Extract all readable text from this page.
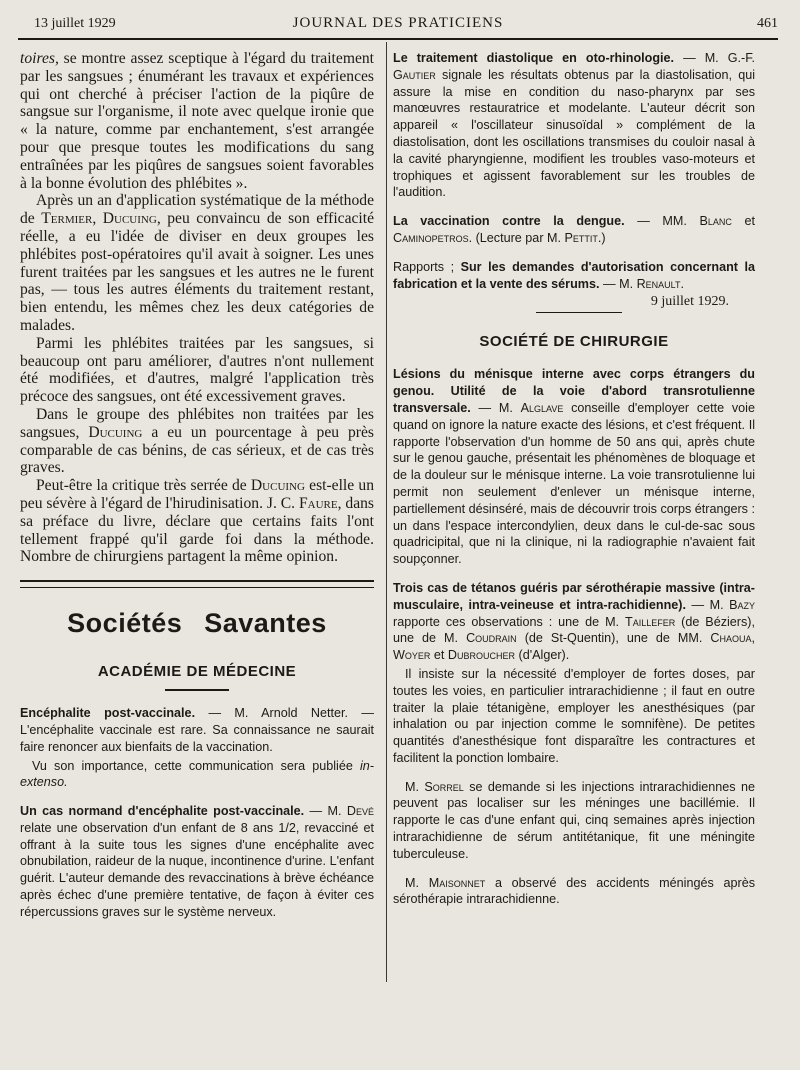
13 juillet 1929	JOURNAL DES PRATICIENS	461

toires, se montre assez sceptique à l'égard du traitement par les sangsues ; énumérant les travaux et expériences qui ont cherché à préciser l'action de la piqûre de sangsue sur l'organisme, il note avec quelque ironie que « la nature, comme par enchantement, s'est arrangée pour que presque toutes les modifications du sang entraînées par les piqûres de sangsues soient favorables à la bonne évolution des phlébites ».

Après un an d'application systématique de la méthode de Termier, Ducuing, peu convaincu de son efficacité réelle, a eu l'idée de diviser en deux groupes les phlébites post-opératoires qu'il avait à soigner. Les unes furent traitées par les sangsues et les autres ne le furent pas, — tous les autres éléments du traitement restant, bien entendu, les mêmes chez les deux catégories de malades.

Parmi les phlébites traitées par les sangsues, si beaucoup ont paru améliorer, d'autres n'ont nullement été modifiées, et d'autres, malgré l'application très précoce des sangsues, ont été excessivement graves.

Dans le groupe des phlébites non traitées par les sangsues, Ducuing a eu un pourcentage à peu près comparable de cas bénins, de cas sérieux, et de cas très graves.

Peut-être la critique très serrée de Ducuing est-elle un peu sévère à l'égard de l'hirudinisation. J. C. Faure, dans sa préface du livre, déclare que certains faits l'ont tellement frappé qu'il garde foi dans la méthode. Nombre de chirurgiens partagent la même opinion.

Sociétés Savantes
ACADÉMIE DE MÉDECINE

Encéphalite post-vaccinale. — M. Arnold Netter. — L'encéphalite vaccinale est rare. Sa connaissance ne saurait faire renoncer aux bienfaits de la vaccination.

Vu son importance, cette communication sera publiée in-extenso.

Un cas normand d'encéphalite post-vaccinale. — M. Devé relate une observation d'un enfant de 8 ans 1/2, revacciné et offrant à la suite tous les signes d'une encéphalite avec obnubilation, raideur de la nuque, incontinence d'urine. L'enfant guérit. L'auteur demande des revaccinations à brève échéance après échec d'une première tentative, de façon à éviter ces répercussions graves sur le système nerveux.

Le traitement diastolique en oto-rhinologie. — M. G.-F. Gautier signale les résultats obtenus par la diastolisation, qui assure la mise en condition du naso-pharynx par ses manœuvres restauratrice et modelante. L'auteur décrit son appareil « l'oscillateur sinusoïdal » complément de la diastolisation, dont les oscillations transmises du couloir nasal à la cavité pharyngienne, modifient les troubles vaso-moteurs et trophiques et agissent favorablement sur les troubles de l'audition.

La vaccination contre la dengue. — MM. Blanc et Caminopetros. (Lecture par M. Pettit.)

Rapports ; Sur les demandes d'autorisation concernant la fabrication et la vente des sérums. — M. Renault.

9 juillet 1929.
SOCIÉTÉ DE CHIRURGIE

Lésions du ménisque interne avec corps étrangers du genou. Utilité de la voie d'abord transrotulienne transversale. — M. Alglave conseille d'employer cette voie quand on ignore la nature exacte des lésions, et c'est fréquent. Il rapporte l'observation d'un homme de 50 ans qui, après chute sur le genou gauche, présentait les phénomènes de bloquage et de la douleur sur le ménisque interne. La voie transrotulienne lui permit non seulement d'enlever un ménisque interne, partiellement désinséré, mais de découvrir trois corps étrangers : un dans l'espace intercondylien, deux dans le cul-de-sac sous quadricipital, que ni la clinique, ni la radiographie n'avaient fait soupçonner.

Trois cas de tétanos guéris par sérothérapie massive (intra-musculaire, intra-veineuse et intra-rachidienne). — M. Bazy rapporte ces observations : une de M. Taillefer (de Béziers), une de M. Coudrain (de St-Quentin), une de MM. Chaoua, Woyer et Dubroucher (d'Alger).

Il insiste sur la nécessité d'employer de fortes doses, par toutes les voies, en particulier intrarachidienne ; il faut en outre traiter la plaie tétanigène, employer les anesthésiques (par inhalation ou par injection comme le somnifène). De petites quantités d'anesthésique font disparaître les contractures et facilitent la ponction lombaire.

M. Sorrel se demande si les injections intrarachidiennes ne peuvent pas localiser sur les méninges une bacillémie. Il rapporte le cas d'une enfant qui, cinq semaines après injection intrarachidienne de sérum antitétanique, fit une méningite tuberculeuse.

M. Maisonnet a observé des accidents méningés après sérothérapie intrarachidienne.
